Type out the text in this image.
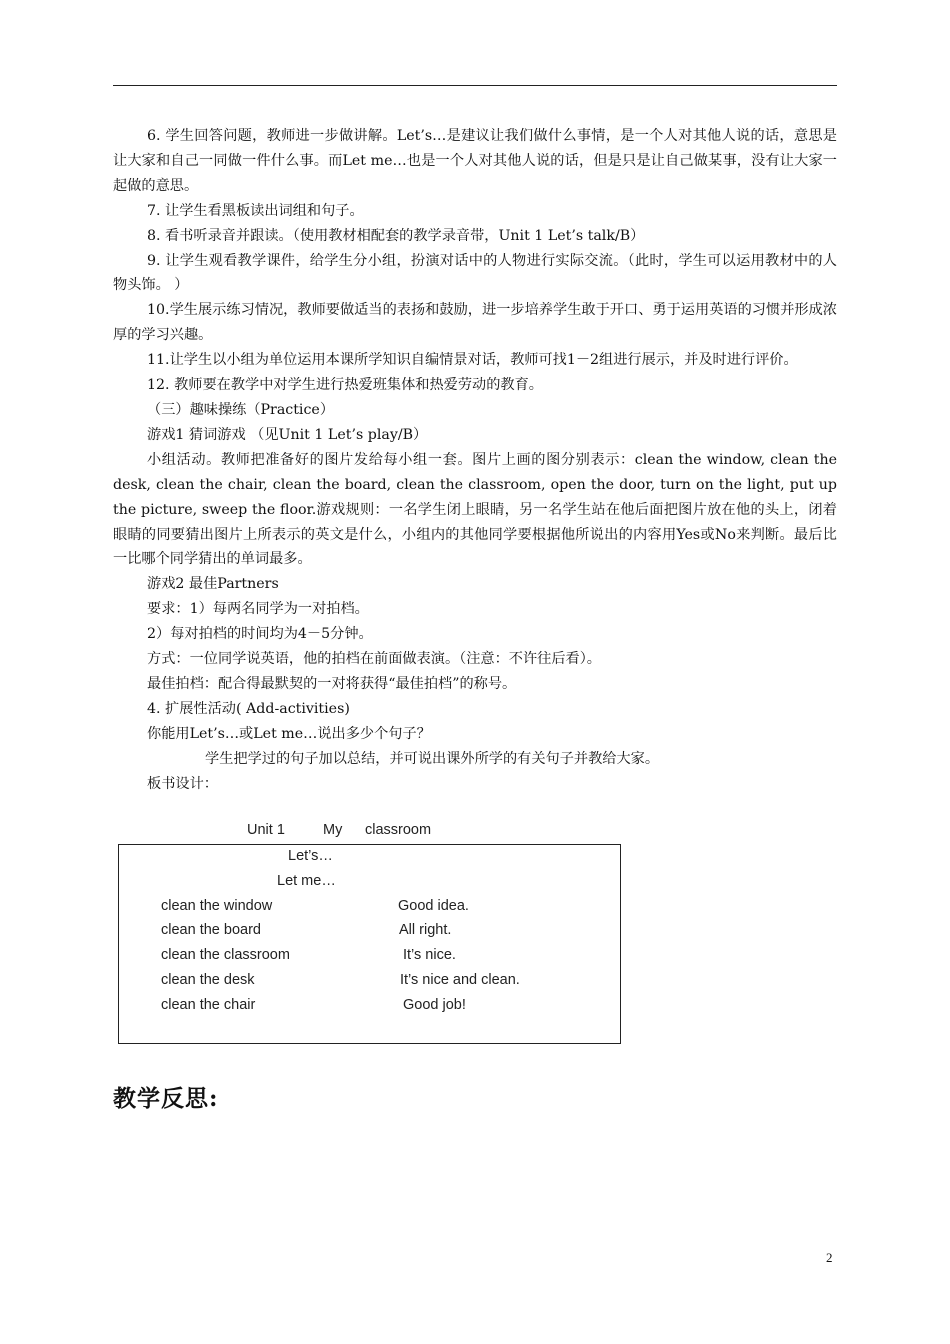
6. 学生回答问题，教师进一步做讲解。Let’s…是建议让我们做什么事情，是一个人对其他人说的话，意思是让大家和自己一同做一件什么事。而Let me…也是一个人对其他人说的话，但是只是让自己做某事，没有让大家一起做的意思。

7. 让学生看黑板读出词组和句子。

8. 看书听录音并跟读。（使用教材相配套的教学录音带，Unit 1 Let’s talk/B）

9. 让学生观看教学课件，给学生分小组，扮演对话中的人物进行实际交流。（此时，学生可以运用教材中的人物头饰。 ）

10.学生展示练习情况，教师要做适当的表扬和鼓励，进一步培养学生敢于开口、勇于运用英语的习惯并形成浓厚的学习兴趣。

11.让学生以小组为单位运用本课所学知识自编情景对话，教师可找1－2组进行展示，并及时进行评价。

12. 教师要在教学中对学生进行热爱班集体和热爱劳动的教育。

（三）趣味操练（Practice）

游戏1 猜词游戏 （见Unit 1 Let’s play/B）

小组活动。教师把准备好的图片发给每小组一套。图片上画的图分别表示：clean the window, clean the desk, clean the chair, clean the board, clean the classroom, open the door, turn on the light, put up the picture, sweep the floor.游戏规则：一名学生闭上眼睛，另一名学生站在他后面把图片放在他的头上，闭着眼睛的同要猜出图片上所表示的英文是什么，小组内的其他同学要根据他所说出的内容用Yes或No来判断。最后比一比哪个同学猜出的单词最多。

游戏2 最佳Partners

要求：1）每两名同学为一对拍档。

2）每对拍档的时间均为4－5分钟。

方式：一位同学说英语，他的拍档在前面做表演。（注意：不许往后看）。

最佳拍档：配合得最默契的一对将获得“最佳拍档”的称号。

4. 扩展性活动( Add-activities)

你能用Let’s…或Let me…说出多少个句子？

学生把学过的句子加以总结，并可说出课外所学的有关句子并教给大家。

板书设计：

Unit 1	My classroom
Let’s…
Let me…
clean the window
clean the board
clean the classroom
clean the desk
clean the chair
Good idea.
All right.
It’s nice.
It’s nice and clean.
Good job!
教学反思:
2
